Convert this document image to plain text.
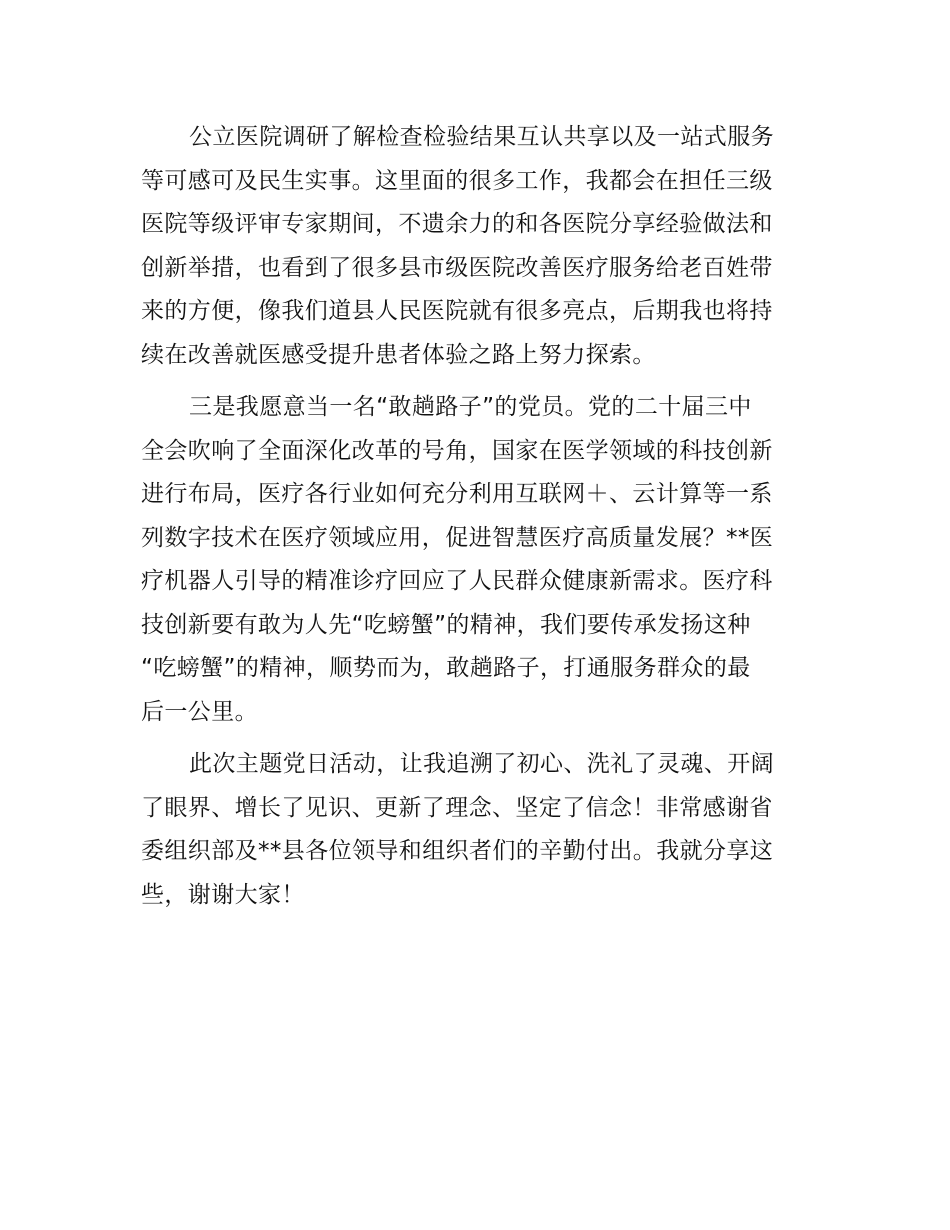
公立医院调研了解检查检验结果互认共享以及一站式服务
等可感可及民生实事。这里面的很多工作，我都会在担任三级
医院等级评审专家期间，不遗余力的和各医院分享经验做法和
创新举措，也看到了很多县市级医院改善医疗服务给老百姓带
来的方便，像我们道县人民医院就有很多亮点，后期我也将持
续在改善就医感受提升患者体验之路上努力探索。

三是我愿意当一名“敢趟路子”的党员。党的二十届三中
全会吹响了全面深化改革的号角，国家在医学领域的科技创新
进行布局，医疗各行业如何充分利用互联网＋、云计算等一系
列数字技术在医疗领域应用，促进智慧医疗高质量发展？**医
疗机器人引导的精准诊疗回应了人民群众健康新需求。医疗科
技创新要有敢为人先“吃螃蟹”的精神，我们要传承发扬这种
“吃螃蟹”的精神，顺势而为，敢趟路子，打通服务群众的最
后一公里。

此次主题党日活动，让我追溯了初心、洗礼了灵魂、开阔
了眼界、增长了见识、更新了理念、坚定了信念！非常感谢省
委组织部及**县各位领导和组织者们的辛勤付出。我就分享这
些，谢谢大家！
